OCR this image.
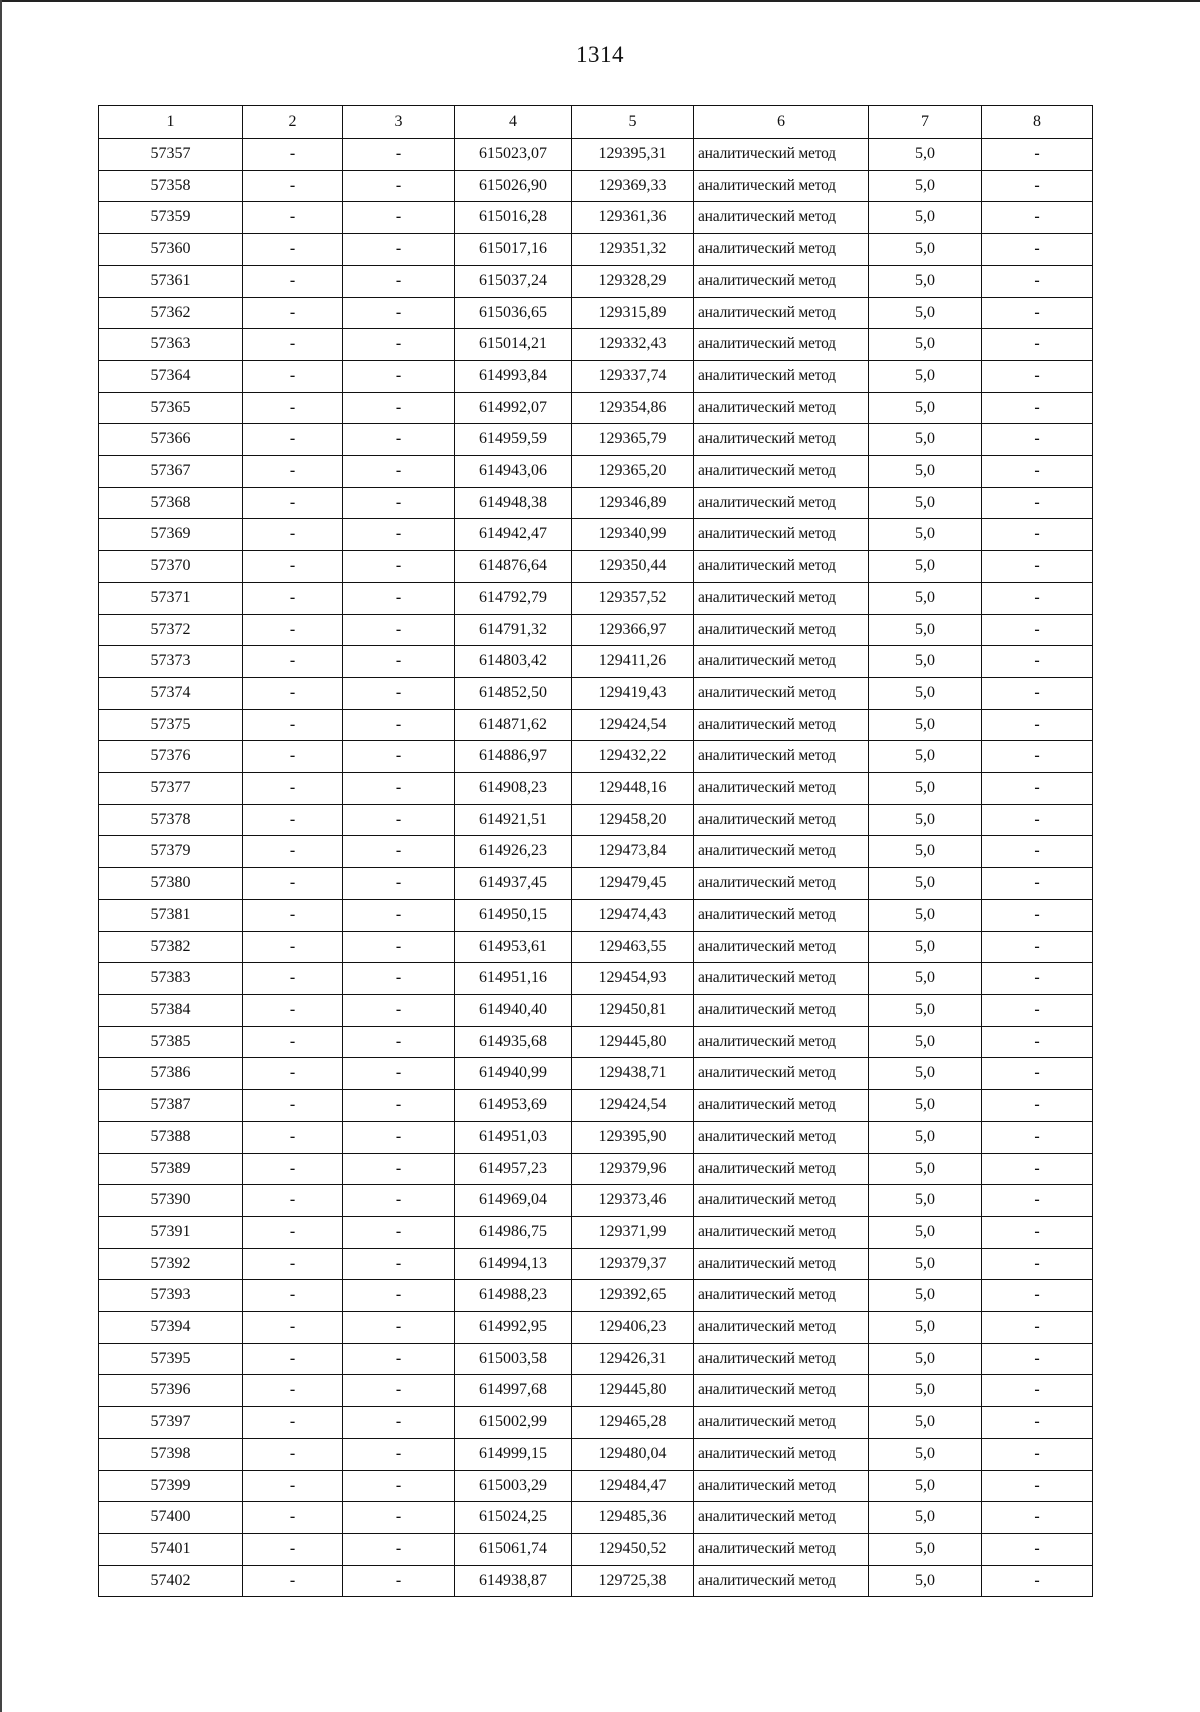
1314
1	2	3	4	5	6	7	8
57357	-	-	615023,07	129395,31	аналитический метод	5,0	-
57358	-	-	615026,90	129369,33	аналитический метод	5,0	-
57359	-	-	615016,28	129361,36	аналитический метод	5,0	-
57360	-	-	615017,16	129351,32	аналитический метод	5,0	-
57361	-	-	615037,24	129328,29	аналитический метод	5,0	-
57362	-	-	615036,65	129315,89	аналитический метод	5,0	-
57363	-	-	615014,21	129332,43	аналитический метод	5,0	-
57364	-	-	614993,84	129337,74	аналитический метод	5,0	-
57365	-	-	614992,07	129354,86	аналитический метод	5,0	-
57366	-	-	614959,59	129365,79	аналитический метод	5,0	-
57367	-	-	614943,06	129365,20	аналитический метод	5,0	-
57368	-	-	614948,38	129346,89	аналитический метод	5,0	-
57369	-	-	614942,47	129340,99	аналитический метод	5,0	-
57370	-	-	614876,64	129350,44	аналитический метод	5,0	-
57371	-	-	614792,79	129357,52	аналитический метод	5,0	-
57372	-	-	614791,32	129366,97	аналитический метод	5,0	-
57373	-	-	614803,42	129411,26	аналитический метод	5,0	-
57374	-	-	614852,50	129419,43	аналитический метод	5,0	-
57375	-	-	614871,62	129424,54	аналитический метод	5,0	-
57376	-	-	614886,97	129432,22	аналитический метод	5,0	-
57377	-	-	614908,23	129448,16	аналитический метод	5,0	-
57378	-	-	614921,51	129458,20	аналитический метод	5,0	-
57379	-	-	614926,23	129473,84	аналитический метод	5,0	-
57380	-	-	614937,45	129479,45	аналитический метод	5,0	-
57381	-	-	614950,15	129474,43	аналитический метод	5,0	-
57382	-	-	614953,61	129463,55	аналитический метод	5,0	-
57383	-	-	614951,16	129454,93	аналитический метод	5,0	-
57384	-	-	614940,40	129450,81	аналитический метод	5,0	-
57385	-	-	614935,68	129445,80	аналитический метод	5,0	-
57386	-	-	614940,99	129438,71	аналитический метод	5,0	-
57387	-	-	614953,69	129424,54	аналитический метод	5,0	-
57388	-	-	614951,03	129395,90	аналитический метод	5,0	-
57389	-	-	614957,23	129379,96	аналитический метод	5,0	-
57390	-	-	614969,04	129373,46	аналитический метод	5,0	-
57391	-	-	614986,75	129371,99	аналитический метод	5,0	-
57392	-	-	614994,13	129379,37	аналитический метод	5,0	-
57393	-	-	614988,23	129392,65	аналитический метод	5,0	-
57394	-	-	614992,95	129406,23	аналитический метод	5,0	-
57395	-	-	615003,58	129426,31	аналитический метод	5,0	-
57396	-	-	614997,68	129445,80	аналитический метод	5,0	-
57397	-	-	615002,99	129465,28	аналитический метод	5,0	-
57398	-	-	614999,15	129480,04	аналитический метод	5,0	-
57399	-	-	615003,29	129484,47	аналитический метод	5,0	-
57400	-	-	615024,25	129485,36	аналитический метод	5,0	-
57401	-	-	615061,74	129450,52	аналитический метод	5,0	-
57402	-	-	614938,87	129725,38	аналитический метод	5,0	-
